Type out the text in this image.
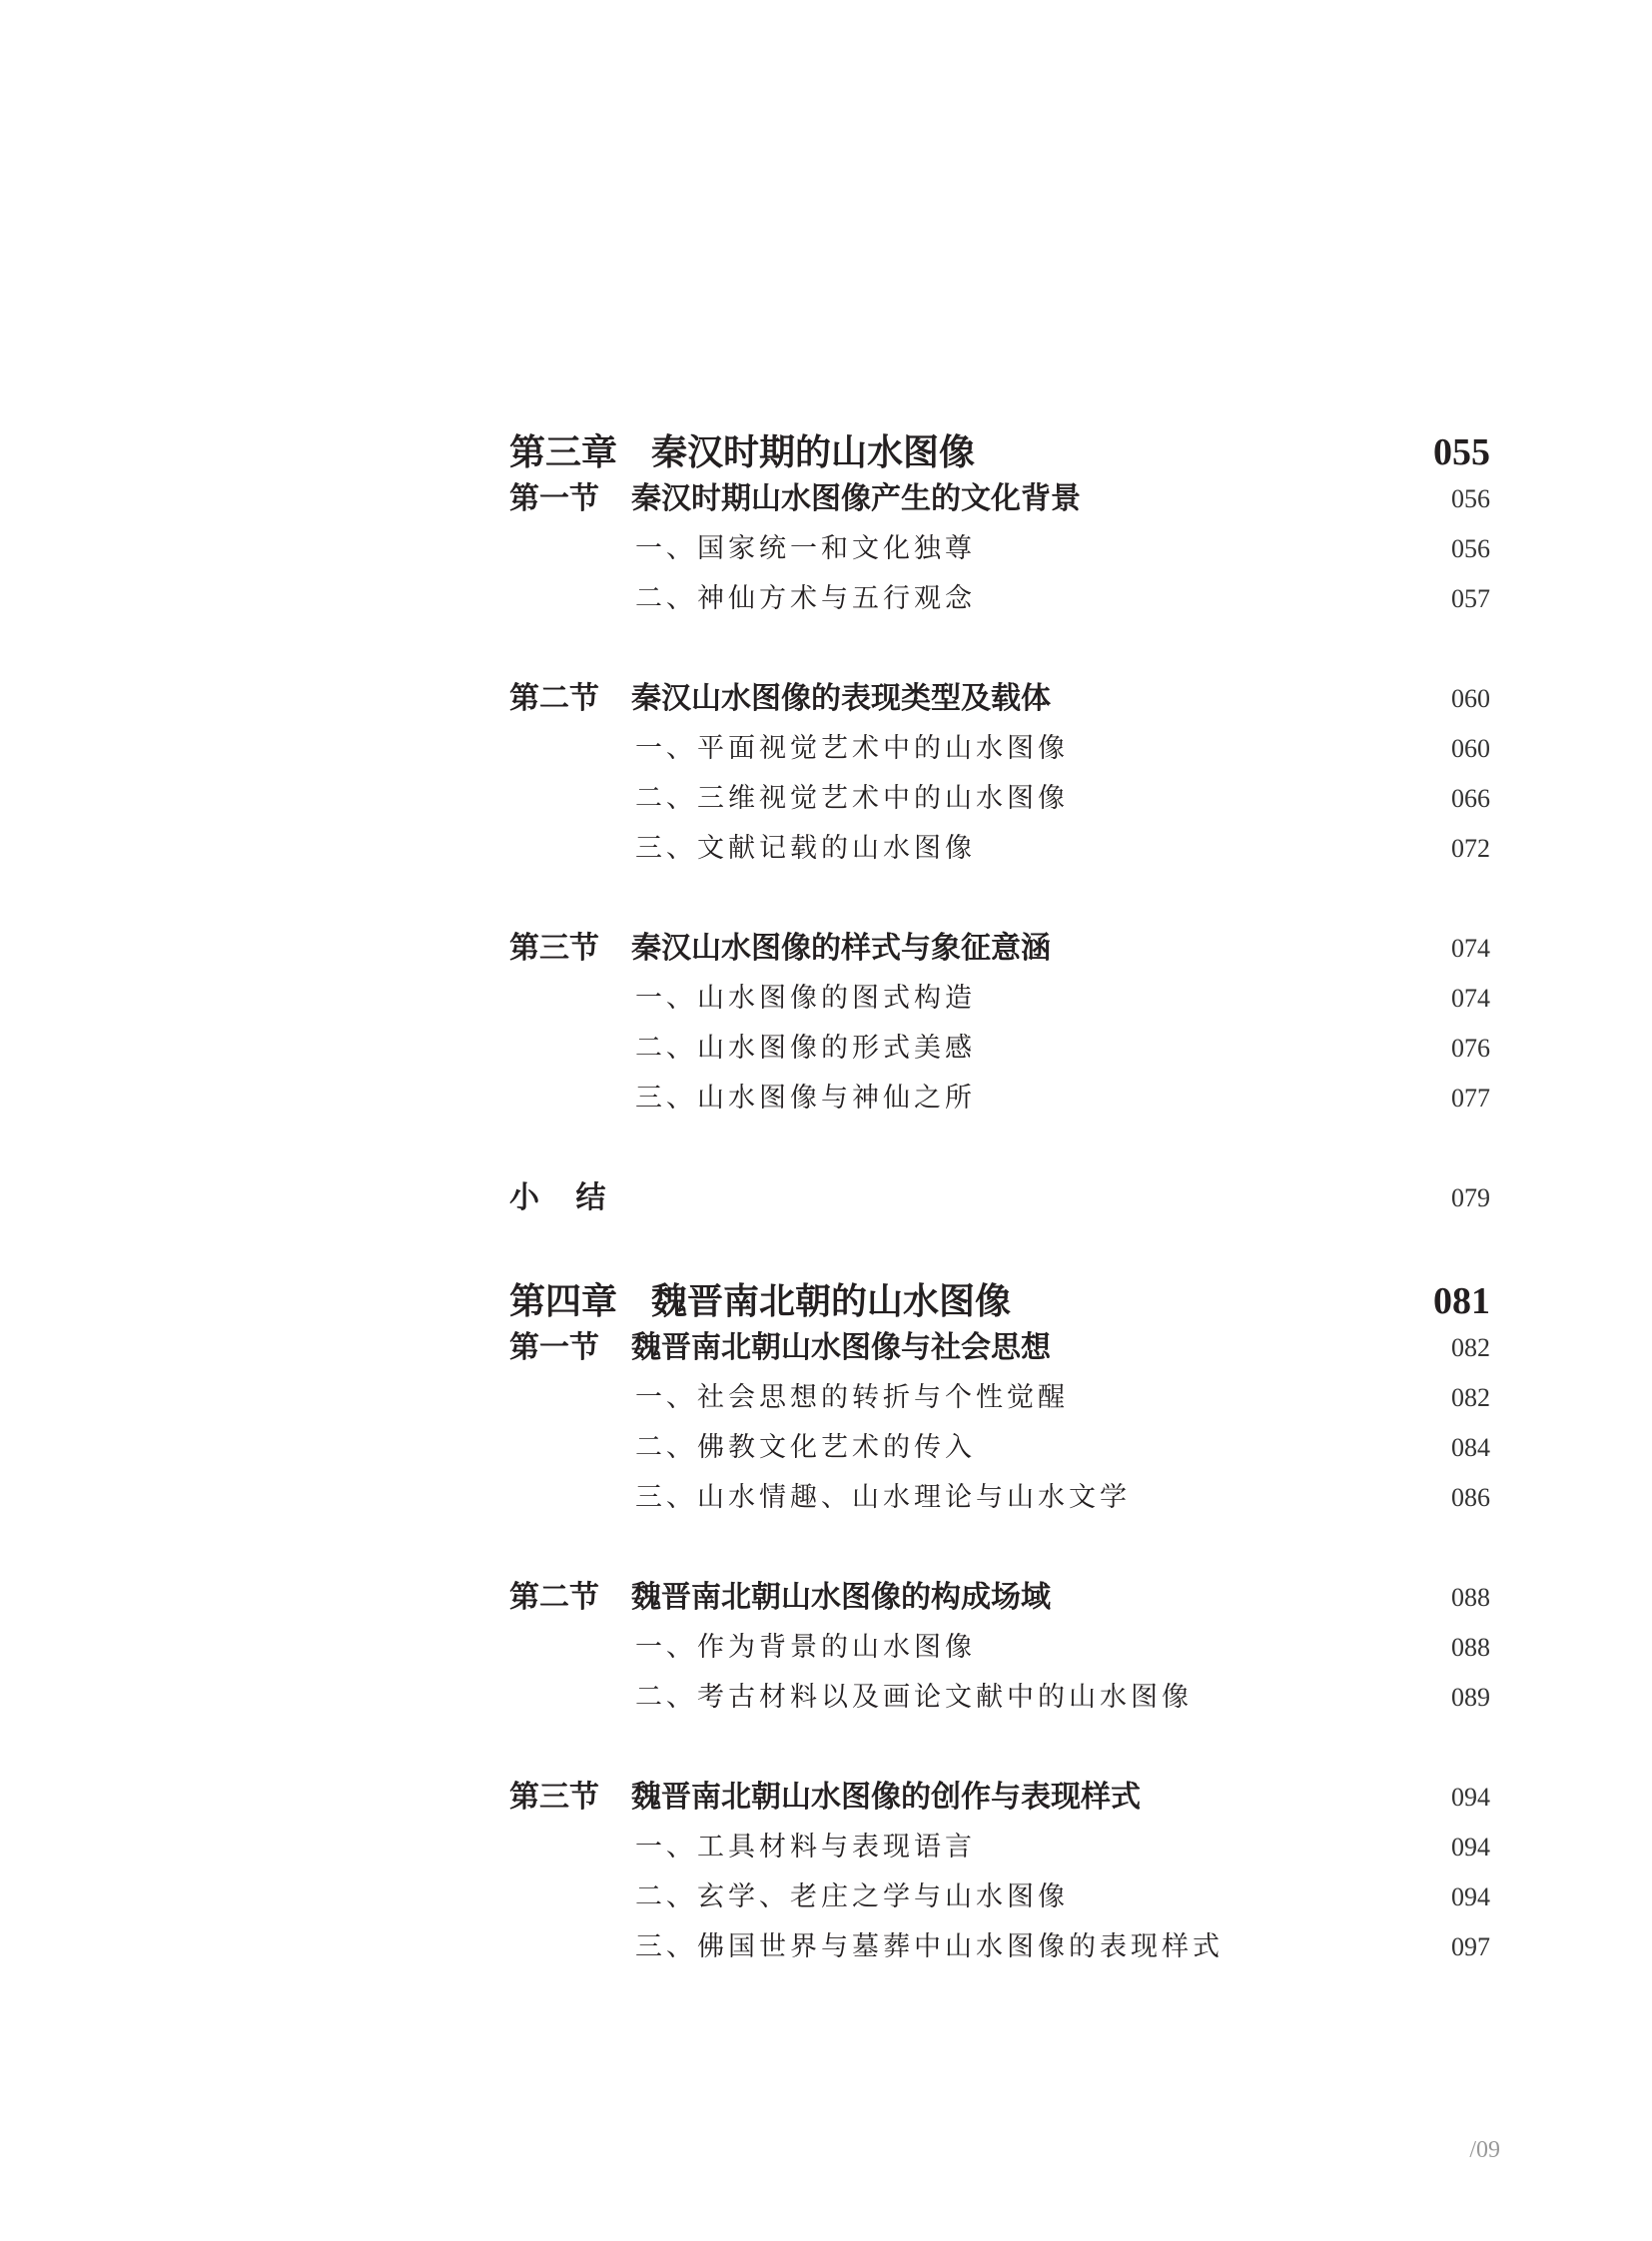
第三章 秦汉时期的山水图像	055
第一节 秦汉时期山水图像产生的文化背景	056
一、 国家统一和文化独尊	056
二、 神仙方术与五行观念	057
第二节 秦汉山水图像的表现类型及载体	060
一、 平面视觉艺术中的山水图像	060
二、 三维视觉艺术中的山水图像	066
三、 文献记载的山水图像	072
第三节 秦汉山水图像的样式与象征意涵	074
一、 山水图像的图式构造	074
二、 山水图像的形式美感	076
三、 山水图像与神仙之所	077
小 结	079
第四章 魏晋南北朝的山水图像	081
第一节 魏晋南北朝山水图像与社会思想	082
一、 社会思想的转折与个性觉醒	082
二、 佛教文化艺术的传入	084
三、 山水情趣、山水理论与山水文学	086
第二节 魏晋南北朝山水图像的构成场域	088
一、 作为背景的山水图像	088
二、 考古材料以及画论文献中的山水图像	089
第三节 魏晋南北朝山水图像的创作与表现样式	094
一、 工具材料与表现语言	094
二、 玄学、老庄之学与山水图像	094
三、 佛国世界与墓葬中山水图像的表现样式	097
/09
